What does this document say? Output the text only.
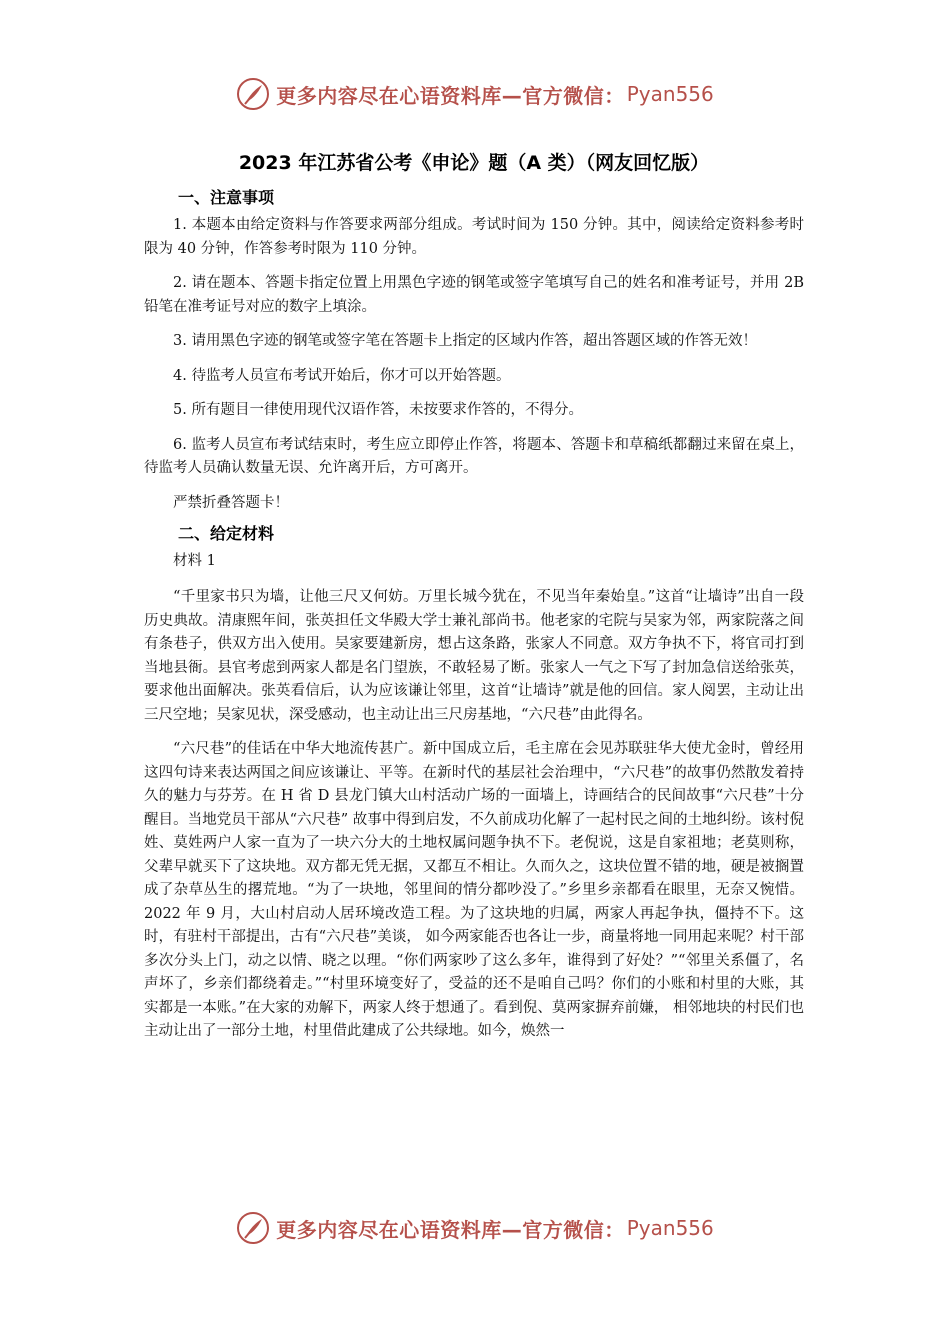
更多内容尽在心语资料库—官方微信： Pyan556
2023 年江苏省公考《申论》题（A 类）（网友回忆版）
一、注意事项

1. 本题本由给定资料与作答要求两部分组成。考试时间为 150 分钟。其中，阅读给定资料参考时限为 40 分钟，作答参考时限为 110 分钟。

2. 请在题本、答题卡指定位置上用黑色字迹的钢笔或签字笔填写自己的姓名和准考证号，并用 2B 铅笔在准考证号对应的数字上填涂。

3. 请用黑色字迹的钢笔或签字笔在答题卡上指定的区域内作答，超出答题区域的作答无效！

4. 待监考人员宣布考试开始后，你才可以开始答题。

5. 所有题目一律使用现代汉语作答，未按要求作答的，不得分。

6. 监考人员宣布考试结束时，考生应立即停止作答，将题本、答题卡和草稿纸都翻过来留在桌上，待监考人员确认数量无误、允许离开后，方可离开。

严禁折叠答题卡！

二、给定材料
材料 1

“千里家书只为墙，让他三尺又何妨。万里长城今犹在，不见当年秦始皇。”这首“让墙诗”出自一段历史典故。清康熙年间，张英担任文华殿大学士兼礼部尚书。他老家的宅院与吴家为邻，两家院落之间有条巷子，供双方出入使用。吴家要建新房，想占这条路，张家人不同意。双方争执不下，将官司打到当地县衙。县官考虑到两家人都是名门望族，不敢轻易了断。张家人一气之下写了封加急信送给张英，要求他出面解决。张英看信后，认为应该谦让邻里，这首“让墙诗”就是他的回信。家人阅罢，主动让出三尺空地；吴家见状，深受感动，也主动让出三尺房基地，“六尺巷”由此得名。

“六尺巷”的佳话在中华大地流传甚广。新中国成立后，毛主席在会见苏联驻华大使尤金时，曾经用这四句诗来表达两国之间应该谦让、平等。在新时代的基层社会治理中，“六尺巷”的故事仍然散发着持久的魅力与芬芳。在 H 省 D 县龙门镇大山村活动广场的一面墙上，诗画结合的民间故事“六尺巷”十分醒目。当地党员干部从“六尺巷” 故事中得到启发，不久前成功化解了一起村民之间的土地纠纷。该村倪姓、莫姓两户人家一直为了一块六分大的土地权属问题争执不下。老倪说，这是自家祖地；老莫则称， 父辈早就买下了这块地。双方都无凭无据，又都互不相让。久而久之，这块位置不错的地，硬是被搁置成了杂草丛生的撂荒地。“为了一块地，邻里间的情分都吵没了。”乡里乡亲都看在眼里，无奈又惋惜。2022 年 9 月，大山村启动人居环境改造工程。为了这块地的归属，两家人再起争执，僵持不下。这时，有驻村干部提出，古有“六尺巷”美谈， 如今两家能否也各让一步，商量将地一同用起来呢？村干部多次分头上门，动之以情、晓之以理。“你们两家吵了这么多年，谁得到了好处？”“邻里关系僵了，名声坏了，乡亲们都绕着走。”“村里环境变好了，受益的还不是咱自己吗？你们的小账和村里的大账，其实都是一本账。”在大家的劝解下，两家人终于想通了。看到倪、莫两家摒弃前嫌， 相邻地块的村民们也主动让出了一部分土地，村里借此建成了公共绿地。如今，焕然一

更多内容尽在心语资料库—官方微信： Pyan556
